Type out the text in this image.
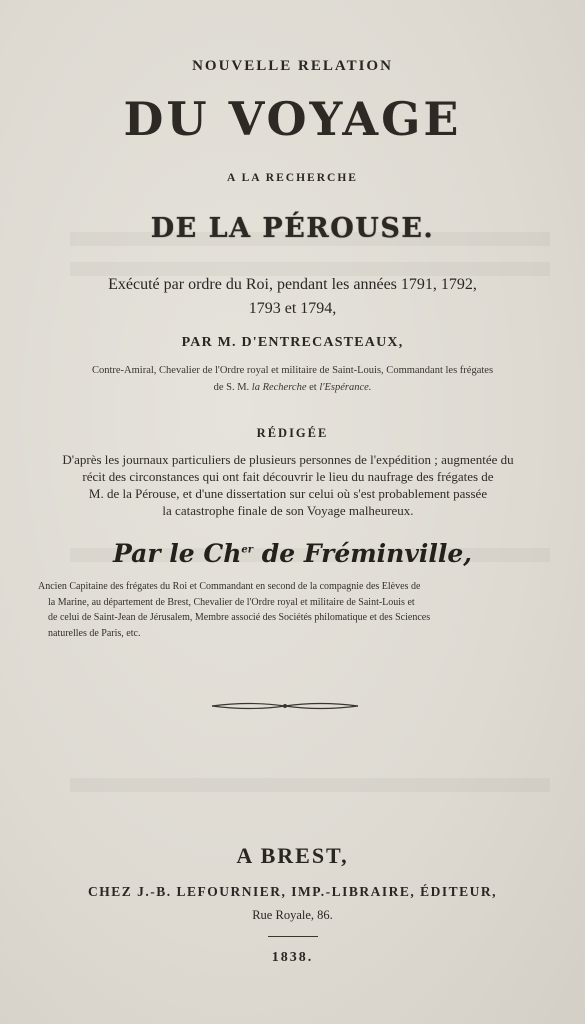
NOUVELLE RELATION
DU VOYAGE
A LA RECHERCHE
DE LA PÉROUSE.
Exécuté par ordre du Roi, pendant les années 1791, 1792,
1793 et 1794,
PAR M. D'ENTRECASTEAUX,
Contre-Amiral, Chevalier de l'Ordre royal et militaire de Saint-Louis, Commandant les frégates
de S. M. la Recherche et l'Espérance.
RÉDIGÉE
D'après les journaux particuliers de plusieurs personnes de l'expédition ; augmentée du
récit des circonstances qui ont fait découvrir le lieu du naufrage des frégates de
M. de la Pérouse, et d'une dissertation sur celui où s'est probablement passée
la catastrophe finale de son Voyage malheureux.
Par le $Ch^{er}$ de Fréminville,
Ancien Capitaine des frégates du Roi et Commandant en second de la compagnie des Elèves de
la Marine, au département de Brest, Chevalier de l'Ordre royal et militaire de Saint-Louis et
de celui de Saint-Jean de Jérusalem, Membre associé des Sociétés philomatique et des Sciences
naturelles de Paris, etc.
A BREST,
CHEZ J.-B. LEFOURNIER, IMP.-LIBRAIRE, ÉDITEUR,
Rue Royale, 86.
1838.
